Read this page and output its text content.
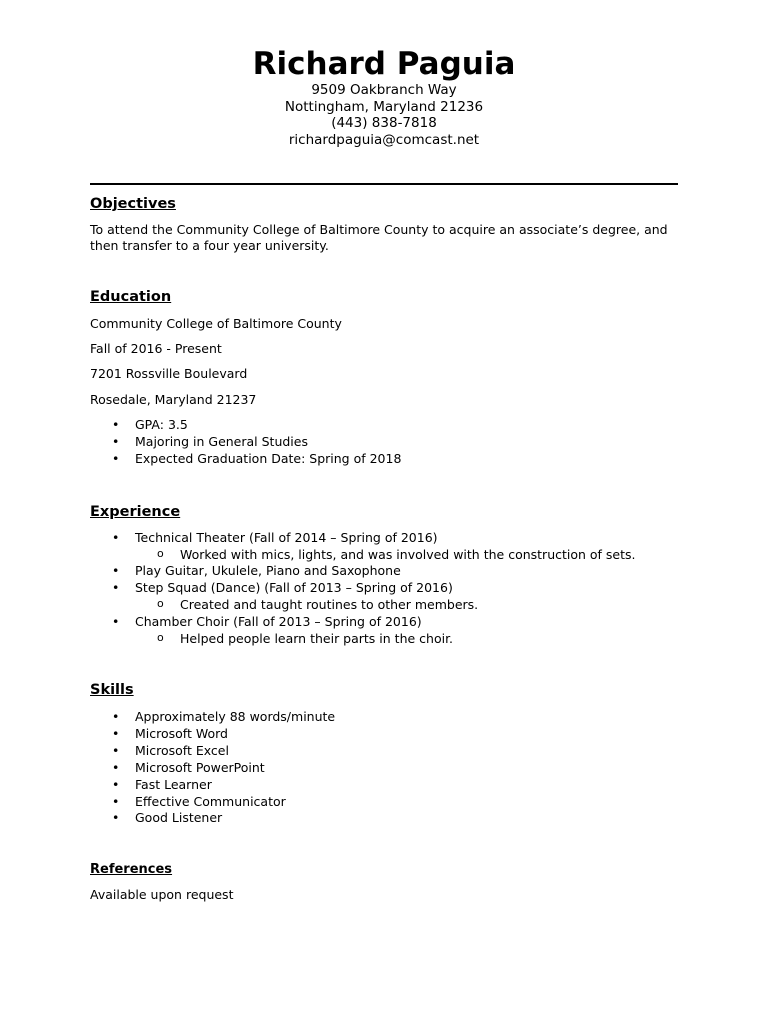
Richard Paguia
9509 Oakbranch Way
Nottingham, Maryland 21236
(443) 838-7818
richardpaguia@comcast.net
Objectives
To attend the Community College of Baltimore County to acquire an associate’s degree, and then transfer to a four year university.
Education
Community College of Baltimore County
Fall of 2016 - Present
7201 Rossville Boulevard
Rosedale, Maryland 21237
• GPA: 3.5
• Majoring in General Studies
• Expected Graduation Date: Spring of 2018
Experience
• Technical Theater (Fall of 2014 – Spring of 2016)
o Worked with mics, lights, and was involved with the construction of sets.
• Play Guitar, Ukulele, Piano and Saxophone
• Step Squad (Dance) (Fall of 2013 – Spring of 2016)
o Created and taught routines to other members.
• Chamber Choir (Fall of 2013 – Spring of 2016)
o Helped people learn their parts in the choir.
Skills
• Approximately 88 words/minute
• Microsoft Word
• Microsoft Excel
• Microsoft PowerPoint
• Fast Learner
• Effective Communicator
• Good Listener
References
Available upon request
